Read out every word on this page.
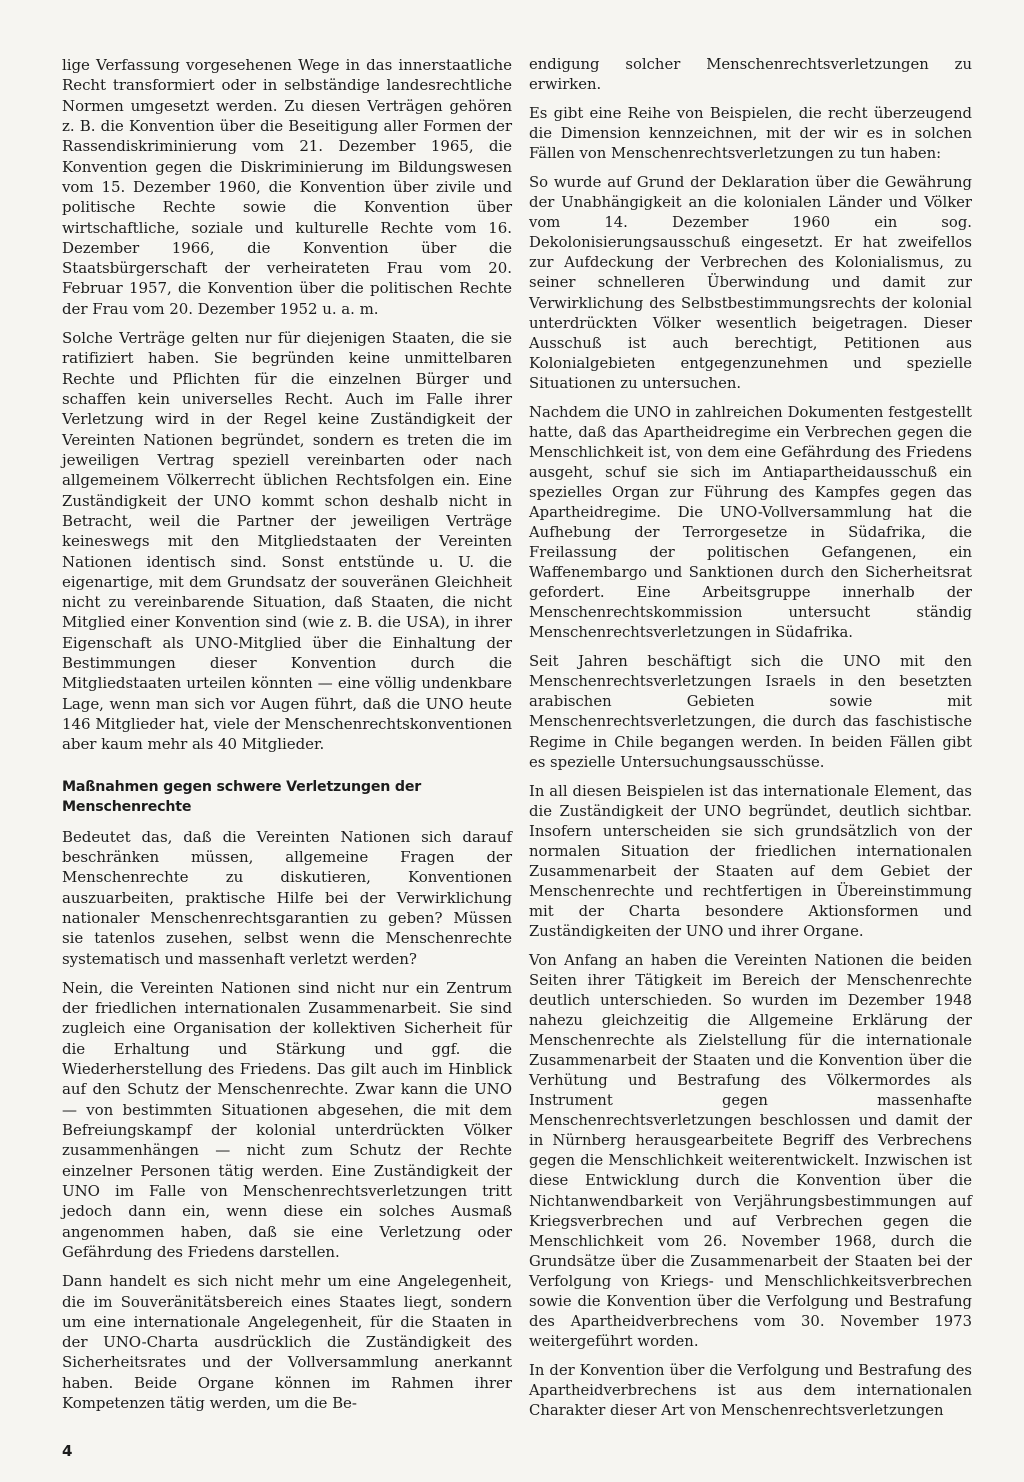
lige Verfassung vorgesehenen Wege in das innerstaatliche Recht transformiert oder in selbständige landesrechtliche Normen umgesetzt werden. Zu diesen Verträgen gehören z. B. die Konvention über die Beseitigung aller Formen der Rassendiskriminierung vom 21. Dezember 1965, die Konvention gegen die Diskriminierung im Bildungswesen vom 15. Dezember 1960, die Konvention über zivile und politische Rechte sowie die Konvention über wirtschaftliche, soziale und kulturelle Rechte vom 16. Dezember 1966, die Konvention über die Staatsbürgerschaft der verheirateten Frau vom 20. Februar 1957, die Konvention über die politischen Rechte der Frau vom 20. Dezember 1952 u. a. m.

Solche Verträge gelten nur für diejenigen Staaten, die sie ratifiziert haben. Sie begründen keine unmittelbaren Rechte und Pflichten für die einzelnen Bürger und schaffen kein universelles Recht. Auch im Falle ihrer Verletzung wird in der Regel keine Zuständigkeit der Vereinten Nationen begründet, sondern es treten die im jeweiligen Vertrag speziell vereinbarten oder nach allgemeinem Völkerrecht üblichen Rechtsfolgen ein. Eine Zuständigkeit der UNO kommt schon deshalb nicht in Betracht, weil die Partner der jeweiligen Verträge keineswegs mit den Mitgliedstaaten der Vereinten Nationen identisch sind. Sonst entstünde u. U. die eigenartige, mit dem Grundsatz der souveränen Gleichheit nicht zu vereinbarende Situation, daß Staaten, die nicht Mitglied einer Konvention sind (wie z. B. die USA), in ihrer Eigenschaft als UNO-Mitglied über die Einhaltung der Bestimmungen dieser Konvention durch die Mitgliedstaaten urteilen könnten — eine völlig undenkbare Lage, wenn man sich vor Augen führt, daß die UNO heute 146 Mitglieder hat, viele der Menschenrechtskonventionen aber kaum mehr als 40 Mitglieder.

Maßnahmen gegen schwere Verletzungen der Menschenrechte

Bedeutet das, daß die Vereinten Nationen sich darauf beschränken müssen, allgemeine Fragen der Menschenrechte zu diskutieren, Konventionen auszuarbeiten, praktische Hilfe bei der Verwirklichung nationaler Menschenrechtsgarantien zu geben? Müssen sie tatenlos zusehen, selbst wenn die Menschenrechte systematisch und massenhaft verletzt werden?

Nein, die Vereinten Nationen sind nicht nur ein Zentrum der friedlichen internationalen Zusammenarbeit. Sie sind zugleich eine Organisation der kollektiven Sicherheit für die Erhaltung und Stärkung und ggf. die Wiederherstellung des Friedens. Das gilt auch im Hinblick auf den Schutz der Menschenrechte. Zwar kann die UNO — von bestimmten Situationen abgesehen, die mit dem Befreiungskampf der kolonial unterdrückten Völker zusammenhängen — nicht zum Schutz der Rechte einzelner Personen tätig werden. Eine Zuständigkeit der UNO im Falle von Menschenrechtsverletzungen tritt jedoch dann ein, wenn diese ein solches Ausmaß angenommen haben, daß sie eine Verletzung oder Gefährdung des Friedens darstellen.

Dann handelt es sich nicht mehr um eine Angelegenheit, die im Souveränitätsbereich eines Staates liegt, sondern um eine internationale Angelegenheit, für die Staaten in der UNO-Charta ausdrücklich die Zuständigkeit des Sicherheitsrates und der Vollversammlung anerkannt haben. Beide Organe können im Rahmen ihrer Kompetenzen tätig werden, um die Be-

endigung solcher Menschenrechtsverletzungen zu erwirken.

Es gibt eine Reihe von Beispielen, die recht überzeugend die Dimension kennzeichnen, mit der wir es in solchen Fällen von Menschenrechtsverletzungen zu tun haben:

So wurde auf Grund der Deklaration über die Gewährung der Unabhängigkeit an die kolonialen Länder und Völker vom 14. Dezember 1960 ein sog. Dekolonisierungsausschuß eingesetzt. Er hat zweifellos zur Aufdeckung der Verbrechen des Kolonialismus, zu seiner schnelleren Überwindung und damit zur Verwirklichung des Selbstbestimmungsrechts der kolonial unterdrückten Völker wesentlich beigetragen. Dieser Ausschuß ist auch berechtigt, Petitionen aus Kolonialgebieten entgegenzunehmen und spezielle Situationen zu untersuchen.

Nachdem die UNO in zahlreichen Dokumenten festgestellt hatte, daß das Apartheidregime ein Verbrechen gegen die Menschlichkeit ist, von dem eine Gefährdung des Friedens ausgeht, schuf sie sich im Antiapartheidausschuß ein spezielles Organ zur Führung des Kampfes gegen das Apartheidregime. Die UNO-Vollversammlung hat die Aufhebung der Terrorgesetze in Südafrika, die Freilassung der politischen Gefangenen, ein Waffenembargo und Sanktionen durch den Sicherheitsrat gefordert. Eine Arbeitsgruppe innerhalb der Menschenrechtskommission untersucht ständig Menschenrechtsverletzungen in Südafrika.

Seit Jahren beschäftigt sich die UNO mit den Menschenrechtsverletzungen Israels in den besetzten arabischen Gebieten sowie mit Menschenrechtsverletzungen, die durch das faschistische Regime in Chile begangen werden. In beiden Fällen gibt es spezielle Untersuchungsausschüsse.

In all diesen Beispielen ist das internationale Element, das die Zuständigkeit der UNO begründet, deutlich sichtbar. Insofern unterscheiden sie sich grundsätzlich von der normalen Situation der friedlichen internationalen Zusammenarbeit der Staaten auf dem Gebiet der Menschenrechte und rechtfertigen in Übereinstimmung mit der Charta besondere Aktionsformen und Zuständigkeiten der UNO und ihrer Organe.

Von Anfang an haben die Vereinten Nationen die beiden Seiten ihrer Tätigkeit im Bereich der Menschenrechte deutlich unterschieden. So wurden im Dezember 1948 nahezu gleichzeitig die Allgemeine Erklärung der Menschenrechte als Zielstellung für die internationale Zusammenarbeit der Staaten und die Konvention über die Verhütung und Bestrafung des Völkermordes als Instrument gegen massenhafte Menschenrechtsverletzungen beschlossen und damit der in Nürnberg herausgearbeitete Begriff des Verbrechens gegen die Menschlichkeit weiterentwickelt. Inzwischen ist diese Entwicklung durch die Konvention über die Nichtanwendbarkeit von Verjährungsbestimmungen auf Kriegsverbrechen und auf Verbrechen gegen die Menschlichkeit vom 26. November 1968, durch die Grundsätze über die Zusammenarbeit der Staaten bei der Verfolgung von Kriegs- und Menschlichkeitsverbrechen sowie die Konvention über die Verfolgung und Bestrafung des Apartheidverbrechens vom 30. November 1973 weitergeführt worden.

In der Konvention über die Verfolgung und Bestrafung des Apartheidverbrechens ist aus dem internationalen Charakter dieser Art von Menschenrechtsverletzungen

4
